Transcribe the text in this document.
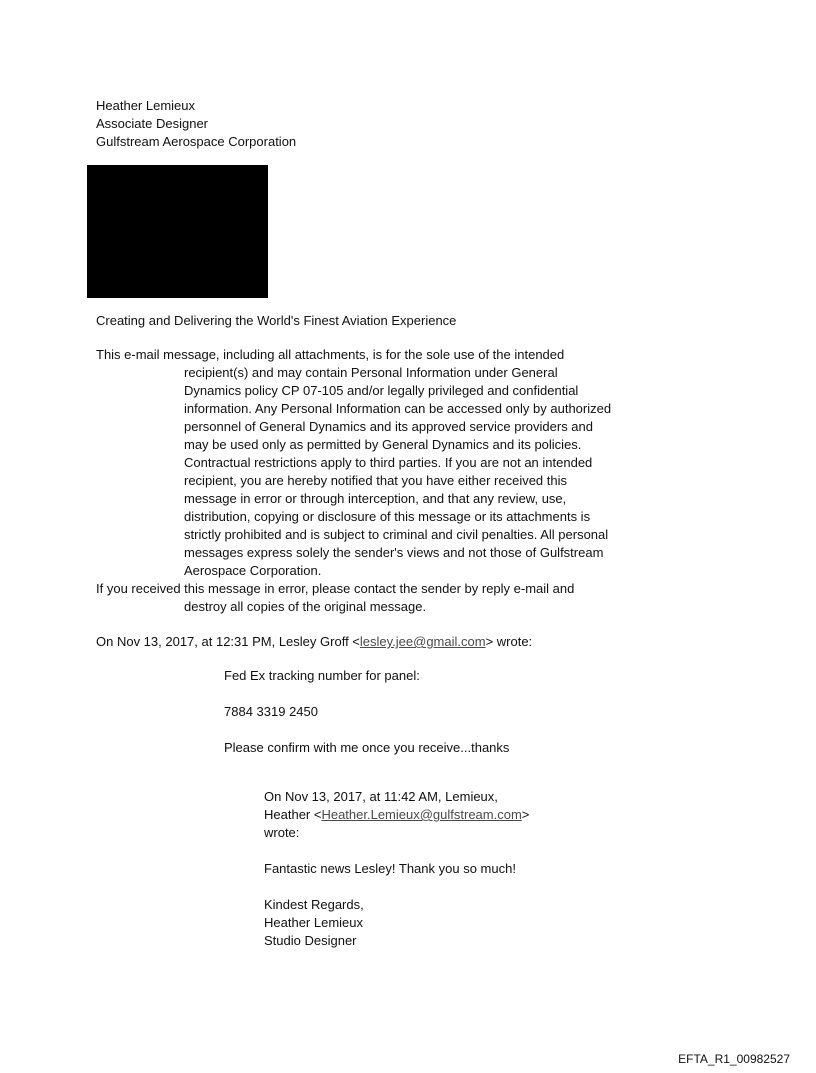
Heather Lemieux
Associate Designer
Gulfstream Aerospace Corporation
Creating and Delivering the World's Finest Aviation Experience
This e-mail message, including all attachments, is for the sole use of the intended
recipient(s) and may contain Personal Information under General
Dynamics policy CP 07-105 and/or legally privileged and confidential
information. Any Personal Information can be accessed only by authorized
personnel of General Dynamics and its approved service providers and
may be used only as permitted by General Dynamics and its policies.
Contractual restrictions apply to third parties. If you are not an intended
recipient, you are hereby notified that you have either received this
message in error or through interception, and that any review, use,
distribution, copying or disclosure of this message or its attachments is
strictly prohibited and is subject to criminal and civil penalties. All personal
messages express solely the sender's views and not those of Gulfstream
Aerospace Corporation.
If you received this message in error, please contact the sender by reply e-mail and
destroy all copies of the original message.
On Nov 13, 2017, at 12:31 PM, Lesley Groff <lesley.jee@gmail.com> wrote:

Fed Ex tracking number for panel:

7884 3319 2450

Please confirm with me once you receive...thanks

On Nov 13, 2017, at 11:42 AM, Lemieux,
Heather <Heather.Lemieux@gulfstream.com>
wrote:
Fantastic news Lesley! Thank you so much!
Kindest Regards,
Heather Lemieux
Studio Designer
EFTA_R1_00982527
